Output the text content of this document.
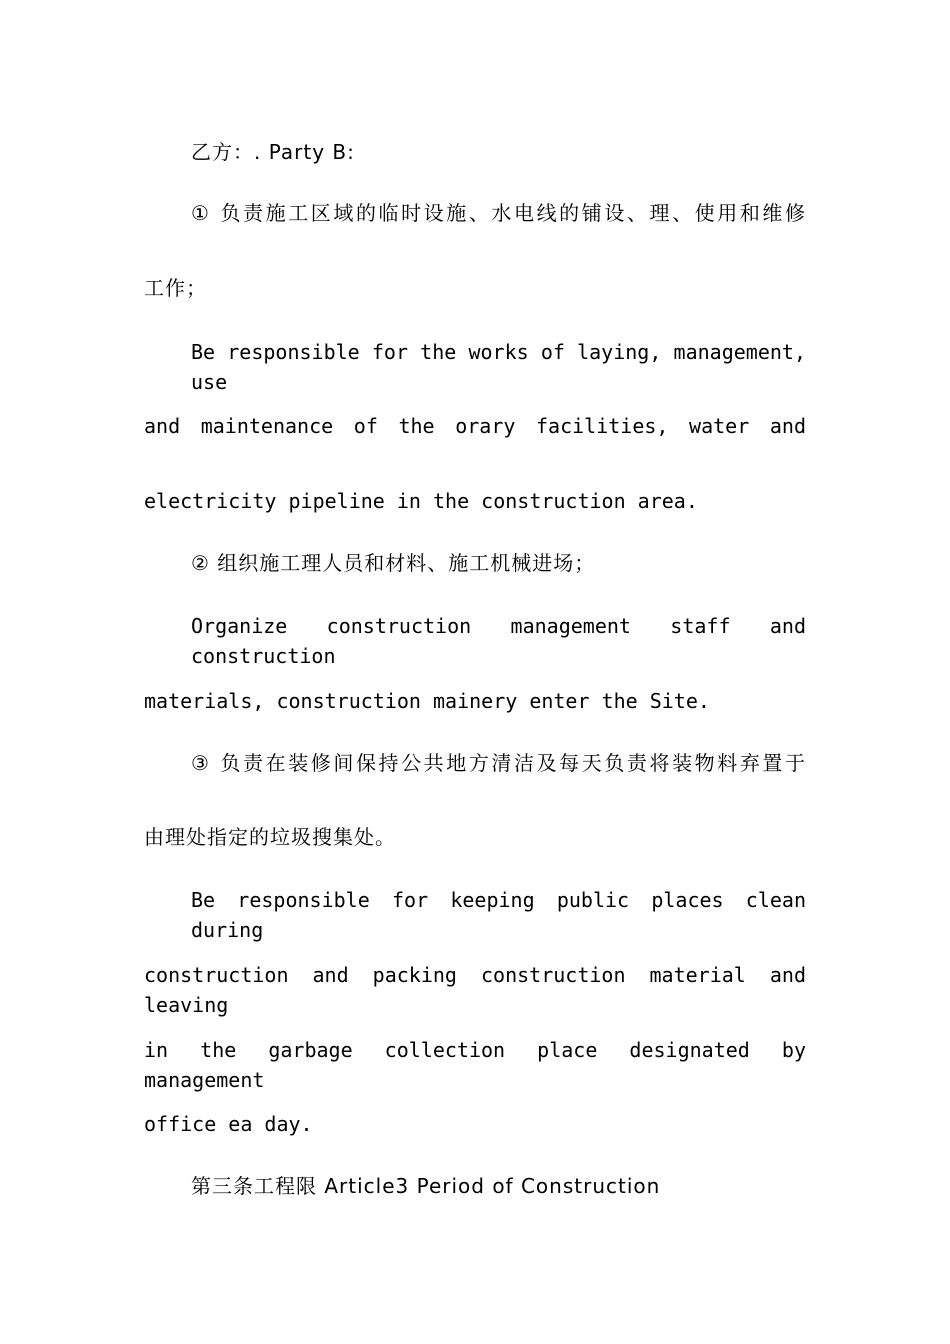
乙方：. Party B:

① 负责施工区域的临时设施、水电线的铺设、理、使用和维修

工作；

Be responsible for the works of laying, management, use

and maintenance of the orary facilities, water and

electricity pipeline in the construction area.

② 组织施工理人员和材料、施工机械进场；

Organize construction management staff and construction

materials, construction mainery enter the Site.

③ 负责在装修间保持公共地方清洁及每天负责将装物料弃置于

由理处指定的垃圾搜集处。

Be responsible for keeping public places clean during

construction and packing construction material and leaving

in the garbage collection place designated by management

office ea day.

第三条工程限 Article3 Period of Construction
